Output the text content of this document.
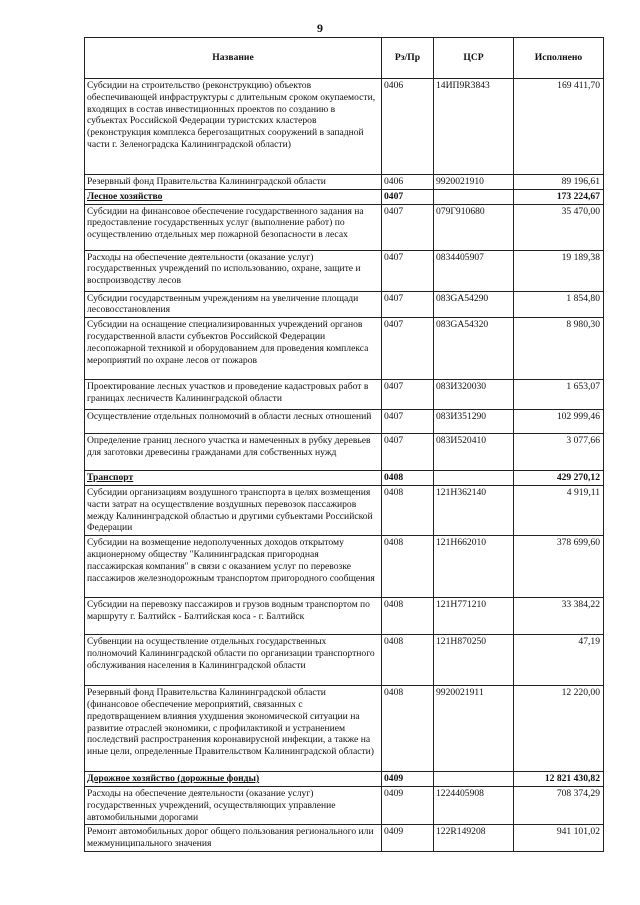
9
Название	Рз/Пр	ЦСР	Исполнено
Субсидии на строительство (реконструкцию) объектов обеспечивающей инфраструктуры с длительным сроком окупаемости, входящих в состав инвестиционных проектов по созданию в субъектах Российской Федерации туристских кластеров (реконструкция комплекса берегозащитных сооружений в западной части г. Зеленоградска Калининградской области)	0406	14ИП9R3843	169 411,70
Резервный фонд Правительства Калининградской области	0406	9920021910	89 196,61
Лесное хозяйство	0407		173 224,67
Субсидии на финансовое обеспечение государственного задания на предоставление государственных услуг (выполнение работ) по осуществлению отдельных мер пожарной безопасности в лесах	0407	079Г910680	35 470,00
Расходы на обеспечение деятельности (оказание услуг) государственных учреждений по использованию, охране, защите и воспроизводству лесов	0407	0834405907	19 189,38
Субсидии государственным учреждениям на увеличение площади лесовосстановления	0407	083GA54290	1 854,80
Субсидии на оснащение специализированных учреждений органов государственной власти субъектов Российской Федерации лесопожарной техникой и оборудованием для проведения комплекса мероприятий по охране лесов от пожаров	0407	083GA54320	8 980,30
Проектирование лесных участков и проведение кадастровых работ в границах лесничеств Калининградской области	0407	083И320030	1 653,07
Осуществление отдельных полномочий в области лесных отношений	0407	083И351290	102 999,46
Определение границ лесного участка и намеченных в рубку деревьев для заготовки древесины гражданами для собственных нужд	0407	083И520410	3 077,66
Транспорт	0408		429 270,12
Субсидии организациям воздушного транспорта в целях возмещения части затрат на осуществление воздушных перевозок пассажиров между Калининградской областью и другими субъектами Российской Федерации	0408	121Н362140	4 919,11
Субсидии на возмещение недополученных доходов открытому акционерному обществу "Калининградская пригородная пассажирская компания" в связи с оказанием услуг по перевозке пассажиров железнодорожным транспортом пригородного сообщения	0408	121Н662010	378 699,60
Субсидии на перевозку пассажиров и грузов водным транспортом по маршруту г. Балтийск - Балтийская коса - г. Балтийск	0408	121Н771210	33 384,22
Субвенции на осуществление отдельных государственных полномочий Калининградской области по организации транспортного обслуживания населения в Калининградской области	0408	121Н870250	47,19
Резервный фонд Правительства Калининградской области (финансовое обеспечение мероприятий, связанных с предотвращением влияния ухудшения экономической ситуации на развитие отраслей экономики, с профилактикой и устранением последствий распространения коронавирусной инфекции, а также на иные цели, определенные Правительством Калининградской области)	0408	9920021911	12 220,00
Дорожное хозяйство (дорожные фонды)	0409		12 821 430,82
Расходы на обеспечение деятельности (оказание услуг) государственных учреждений, осуществляющих управление автомобильными дорогами	0409	1224405908	708 374,29
Ремонт автомобильных дорог общего пользования регионального или межмуниципального значения	0409	122R149208	941 101,02
